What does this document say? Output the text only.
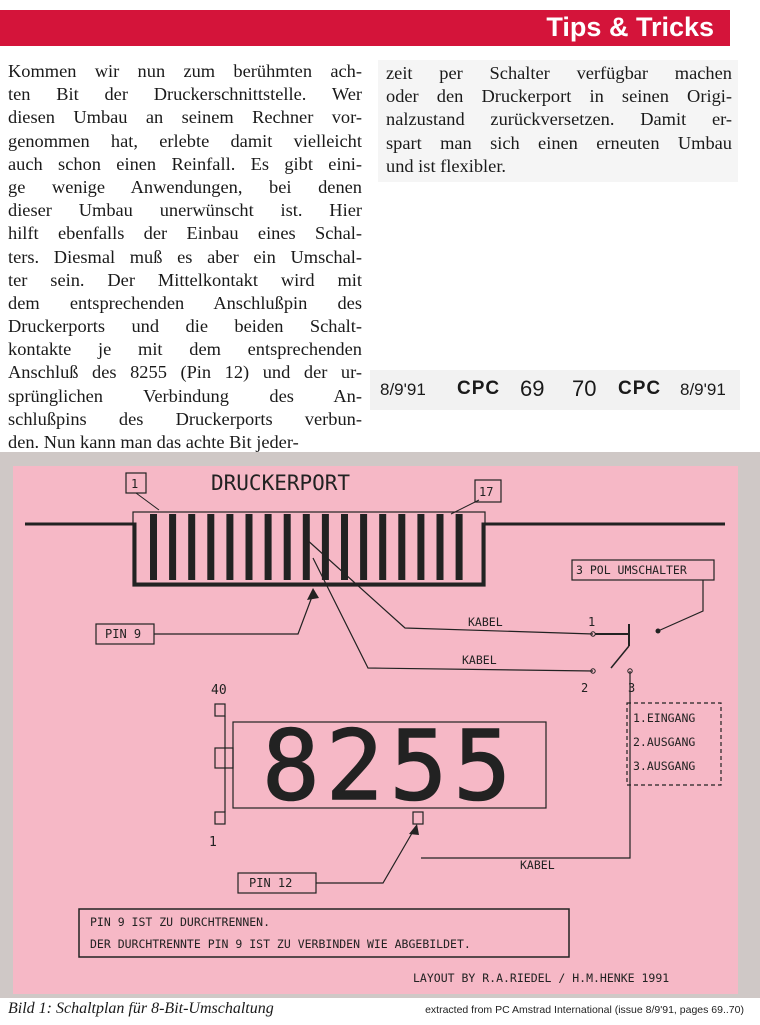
Tips & Tricks
Kommen wir nun zum berühmten ach-
ten Bit der Druckerschnittstelle. Wer
diesen Umbau an seinem Rechner vor-
genommen hat, erlebte damit vielleicht
auch schon einen Reinfall. Es gibt eini-
ge wenige Anwendungen, bei denen
dieser Umbau unerwünscht ist. Hier
hilft ebenfalls der Einbau eines Schal-
ters. Diesmal muß es aber ein Umschal-
ter sein. Der Mittelkontakt wird mit
dem entsprechenden Anschlußpin des
Druckerports und die beiden Schalt-
kontakte je mit dem entsprechenden
Anschluß des 8255 (Pin 12) und der ur-
sprünglichen Verbindung des An-
schlußpins des Druckerports verbun-
den. Nun kann man das achte Bit jeder-
zeit per Schalter verfügbar machen
oder den Druckerport in seinen Origi-
nalzustand zurückversetzen. Damit er-
spart man sich einen erneuten Umbau
und ist flexibler.
8/9'91 CPC 69 70 CPC 8/9'91
DRUCKERPORT
1
17
3 POL UMSCHALTER
1
2	3
KABEL
KABEL
KABEL
PIN 9
40
1
8255
PIN 12
1.EINGANG
2.AUSGANG
3.AUSGANG
PIN 9 IST ZU DURCHTRENNEN.
DER DURCHTRENNTE PIN 9 IST ZU VERBINDEN WIE ABGEBILDET.
LAYOUT BY R.A.RIEDEL / H.M.HENKE 1991
Bild 1: Schaltplan für 8-Bit-Umschaltung	extracted from PC Amstrad International (issue 8/9'91, pages 69..70)
